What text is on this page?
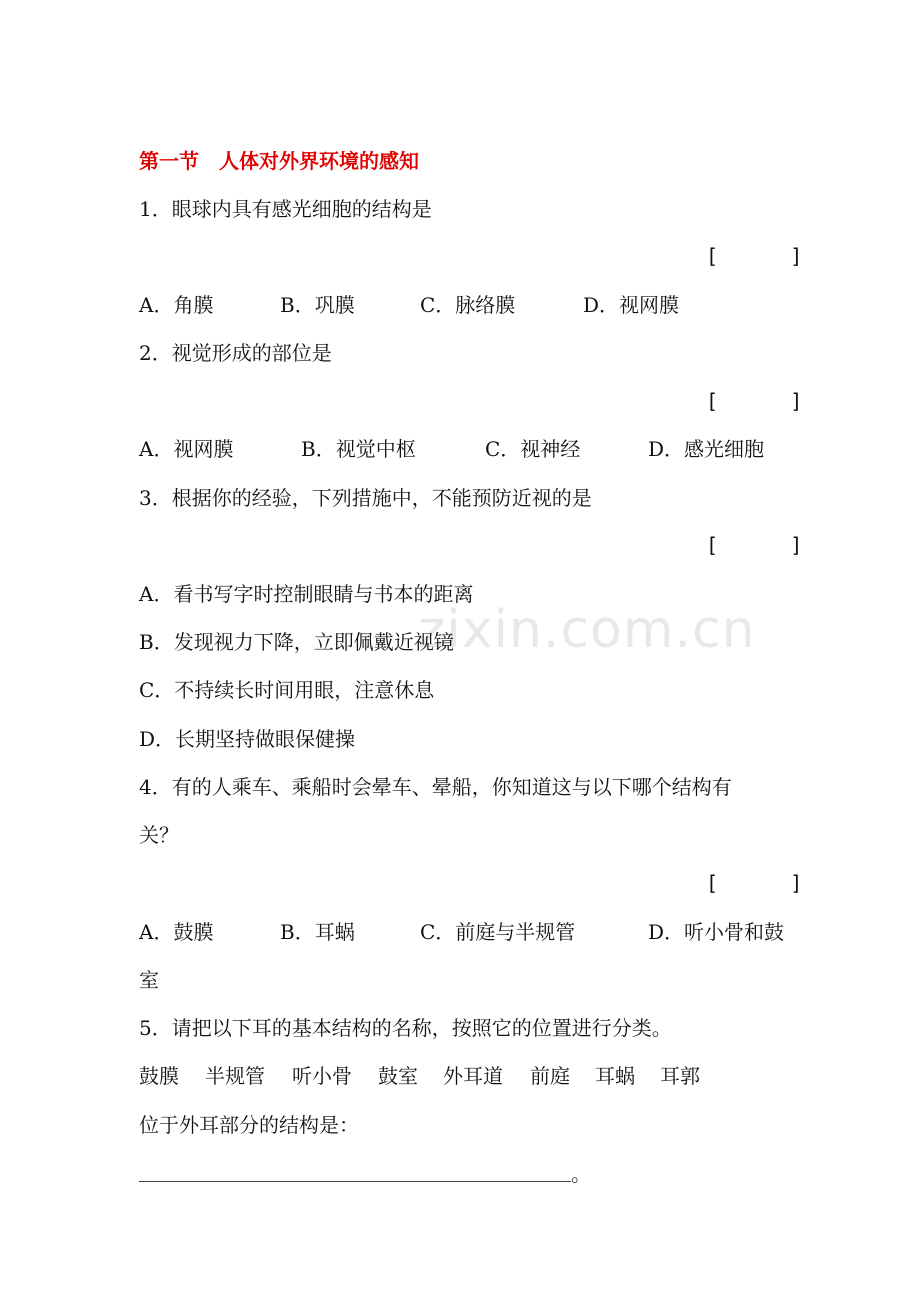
zixin.com.cn
第一节　人体对外界环境的感知
1．眼球内具有感光细胞的结构是
[      ]
A．角膜	B．巩膜	C．脉络膜	D．视网膜
2．视觉形成的部位是
[      ]
A．视网膜	B．视觉中枢	C．视神经	D．感光细胞
3．根据你的经验，下列措施中，不能预防近视的是
[      ]
A．看书写字时控制眼睛与书本的距离
B．发现视力下降，立即佩戴近视镜
C．不持续长时间用眼，注意休息
D．长期坚持做眼保健操
4．有的人乘车、乘船时会晕车、晕船，你知道这与以下哪个结构有
关？
[      ]
A．鼓膜	B．耳蜗	C．前庭与半规管	D．听小骨和鼓
室
5．请把以下耳的基本结构的名称，按照它的位置进行分类。
鼓膜 半规管 听小骨 鼓室 外耳道 前庭 耳蜗 耳郭
位于外耳部分的结构是：
。
